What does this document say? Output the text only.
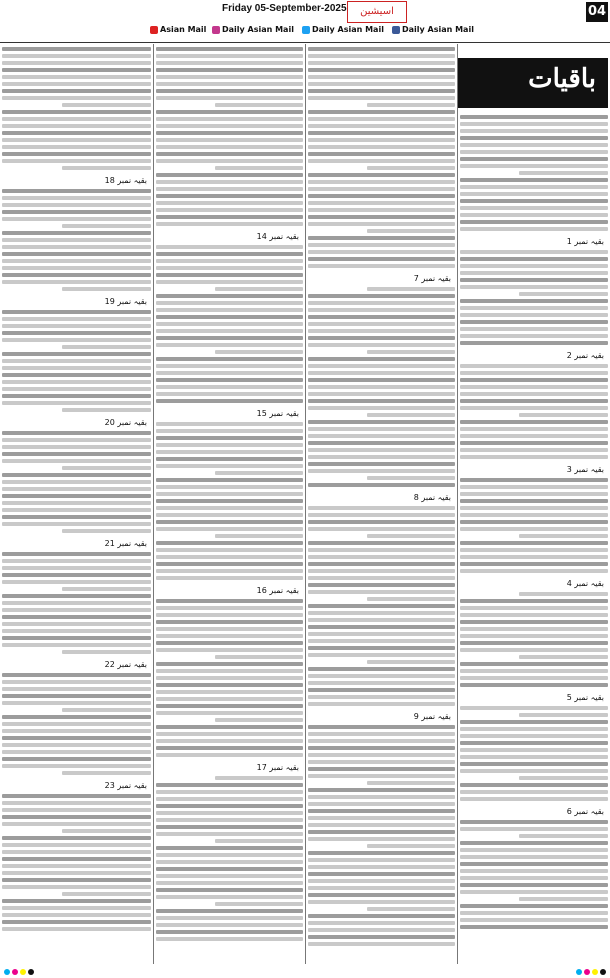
Friday 05-September-2025	اسیشین	04
Asian Mail	Daily Asian Mail	Daily Asian Mail	Daily Asian Mail
باقیات
بقیہ نمبر 1
بقیہ نمبر 2
بقیہ نمبر 3
بقیہ نمبر 4
بقیہ نمبر 5
بقیہ نمبر 6
بقیہ نمبر 7
بقیہ نمبر 8
بقیہ نمبر 9
بقیہ نمبر 14
بقیہ نمبر 15
بقیہ نمبر 16
بقیہ نمبر 17
بقیہ نمبر 18
بقیہ نمبر 19
بقیہ نمبر 20
بقیہ نمبر 21
بقیہ نمبر 22
بقیہ نمبر 23
